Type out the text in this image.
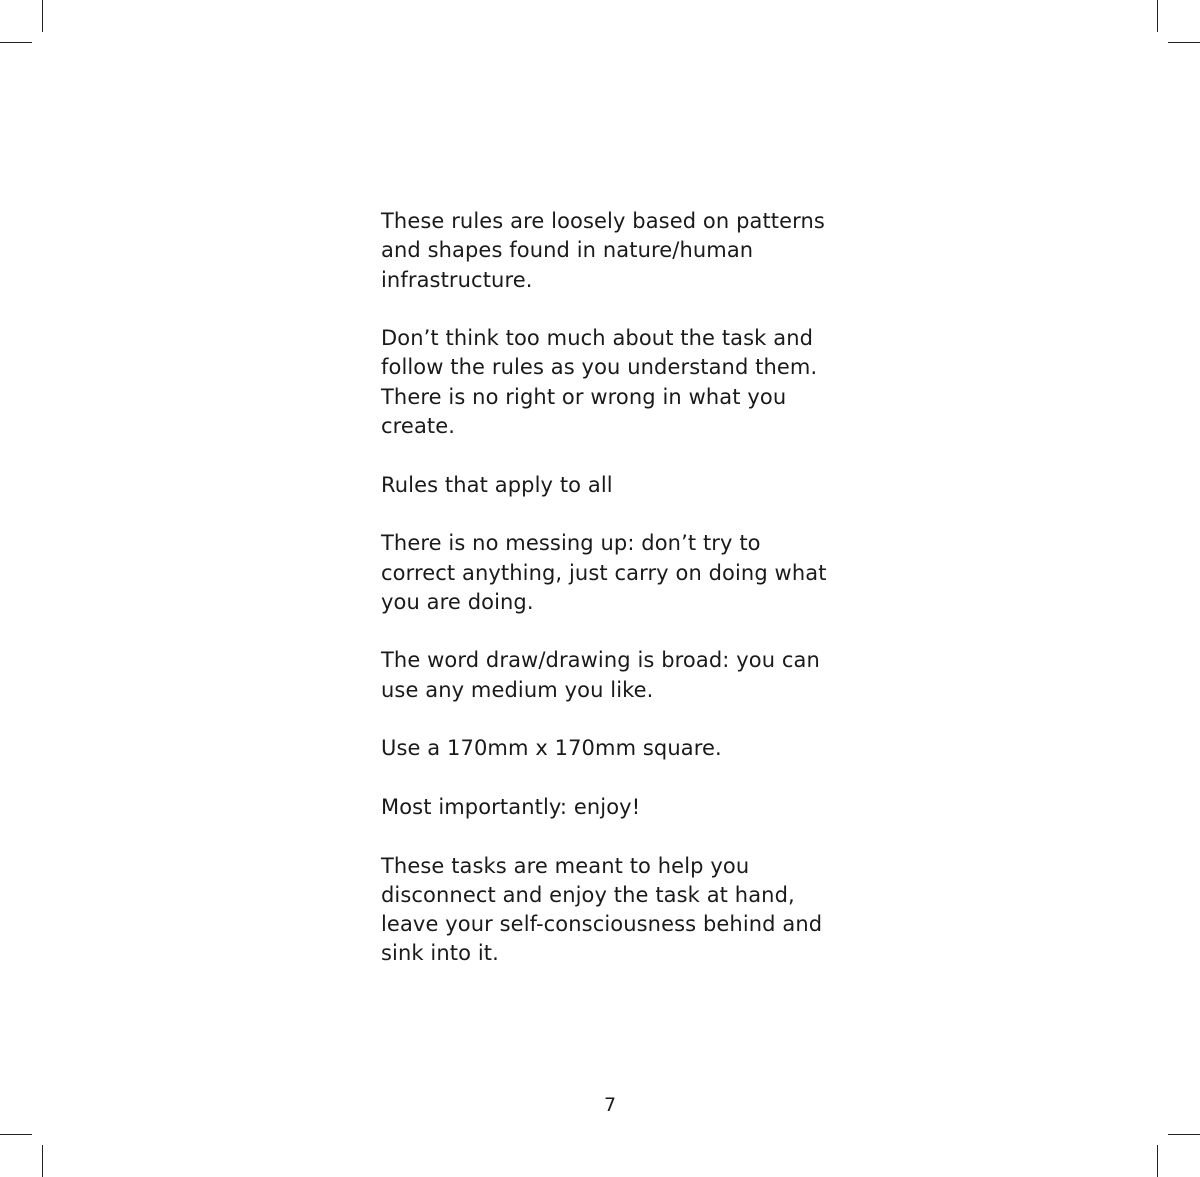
These rules are loosely based on patterns
and shapes found in nature/human
infrastructure.

Don’t think too much about the task and
follow the rules as you understand them.
There is no right or wrong in what you
create.

Rules that apply to all

There is no messing up: don’t try to
correct anything, just carry on doing what
you are doing.

The word draw/drawing is broad: you can
use any medium you like.

Use a 170mm x 170mm square.

Most importantly: enjoy!

These tasks are meant to help you
disconnect and enjoy the task at hand,
leave your self-consciousness behind and
sink into it.

7
